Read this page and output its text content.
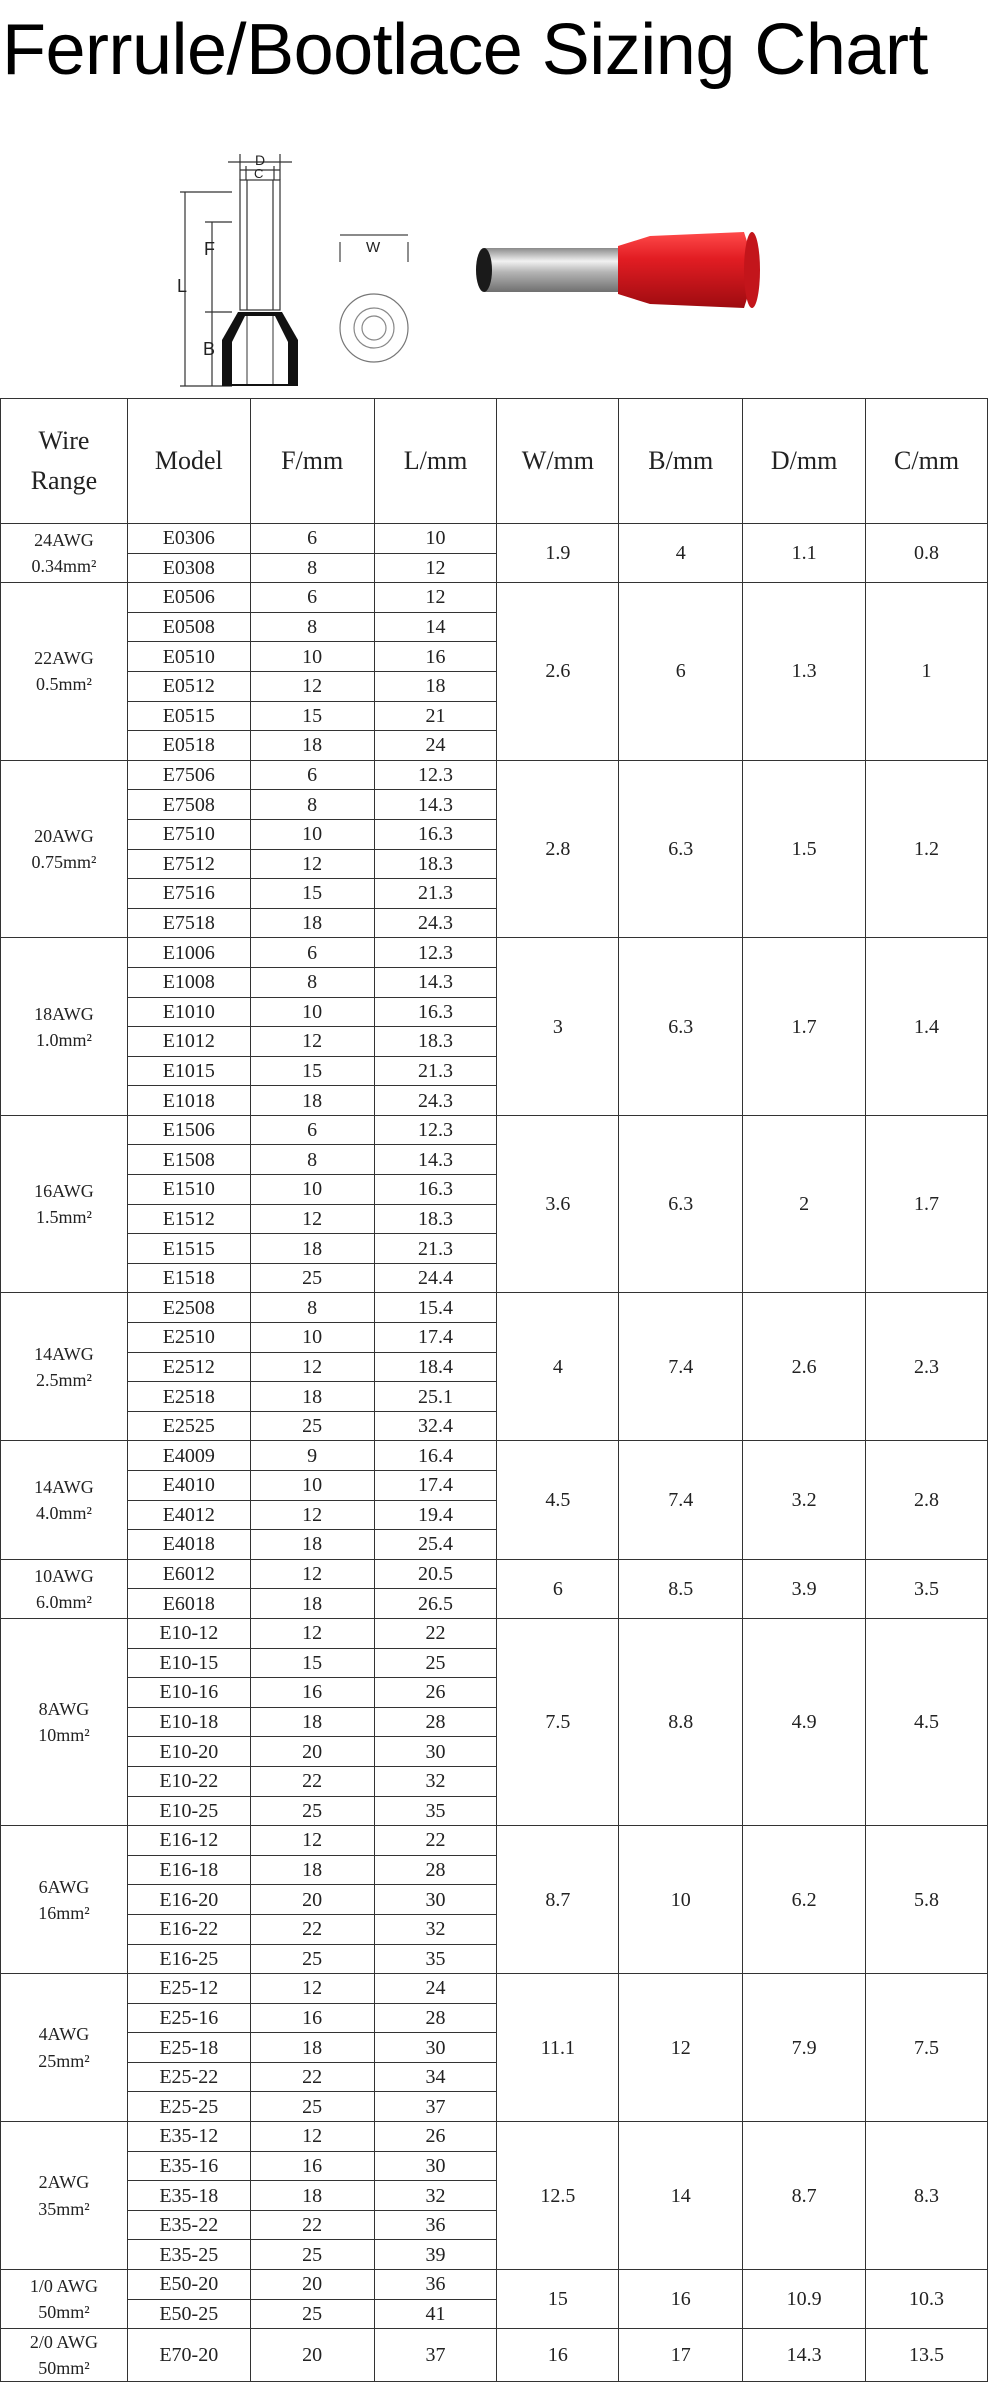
Ferrule/Bootlace Sizing Chart
D
C
F
L
B
W
Wire
Range	Model	F/mm	L/mm	W/mm	B/mm	D/mm	C/mm

24AWG
0.34mm²	E0306	6	10	1.9	4	1.1	0.8
	E0308	8	12				

22AWG
0.5mm²	E0506	6	12	2.6	6	1.3	1
	E0508	8	14				
	E0510	10	16				
	E0512	12	18				
	E0515	15	21				
	E0518	18	24				

20AWG
0.75mm²	E7506	6	12.3	2.8	6.3	1.5	1.2
	E7508	8	14.3				
	E7510	10	16.3				
	E7512	12	18.3				
	E7516	15	21.3				
	E7518	18	24.3				

18AWG
1.0mm²	E1006	6	12.3	3	6.3	1.7	1.4
	E1008	8	14.3				
	E1010	10	16.3				
	E1012	12	18.3				
	E1015	15	21.3				
	E1018	18	24.3				

16AWG
1.5mm²	E1506	6	12.3	3.6	6.3	2	1.7
	E1508	8	14.3				
	E1510	10	16.3				
	E1512	12	18.3				
	E1515	18	21.3				
	E1518	25	24.4				

14AWG
2.5mm²	E2508	8	15.4	4	7.4	2.6	2.3
	E2510	10	17.4				
	E2512	12	18.4				
	E2518	18	25.1				
	E2525	25	32.4				

14AWG
4.0mm²	E4009	9	16.4	4.5	7.4	3.2	2.8
	E4010	10	17.4				
	E4012	12	19.4				
	E4018	18	25.4				

10AWG
6.0mm²	E6012	12	20.5	6	8.5	3.9	3.5
	E6018	18	26.5				

8AWG
10mm²	E10-12	12	22	7.5	8.8	4.9	4.5
	E10-15	15	25				
	E10-16	16	26				
	E10-18	18	28				
	E10-20	20	30				
	E10-22	22	32				
	E10-25	25	35				

6AWG
16mm²	E16-12	12	22	8.7	10	6.2	5.8
	E16-18	18	28				
	E16-20	20	30				
	E16-22	22	32				
	E16-25	25	35				

4AWG
25mm²	E25-12	12	24	11.1	12	7.9	7.5
	E25-16	16	28				
	E25-18	18	30				
	E25-22	22	34				
	E25-25	25	37				

2AWG
35mm²	E35-12	12	26	12.5	14	8.7	8.3
	E35-16	16	30				
	E35-18	18	32				
	E35-22	22	36				
	E35-25	25	39				

1/0 AWG
50mm²	E50-20	20	36	15	16	10.9	10.3
	E50-25	25	41				

2/0 AWG
50mm²	E70-20	20	37	16	17	14.3	13.5
